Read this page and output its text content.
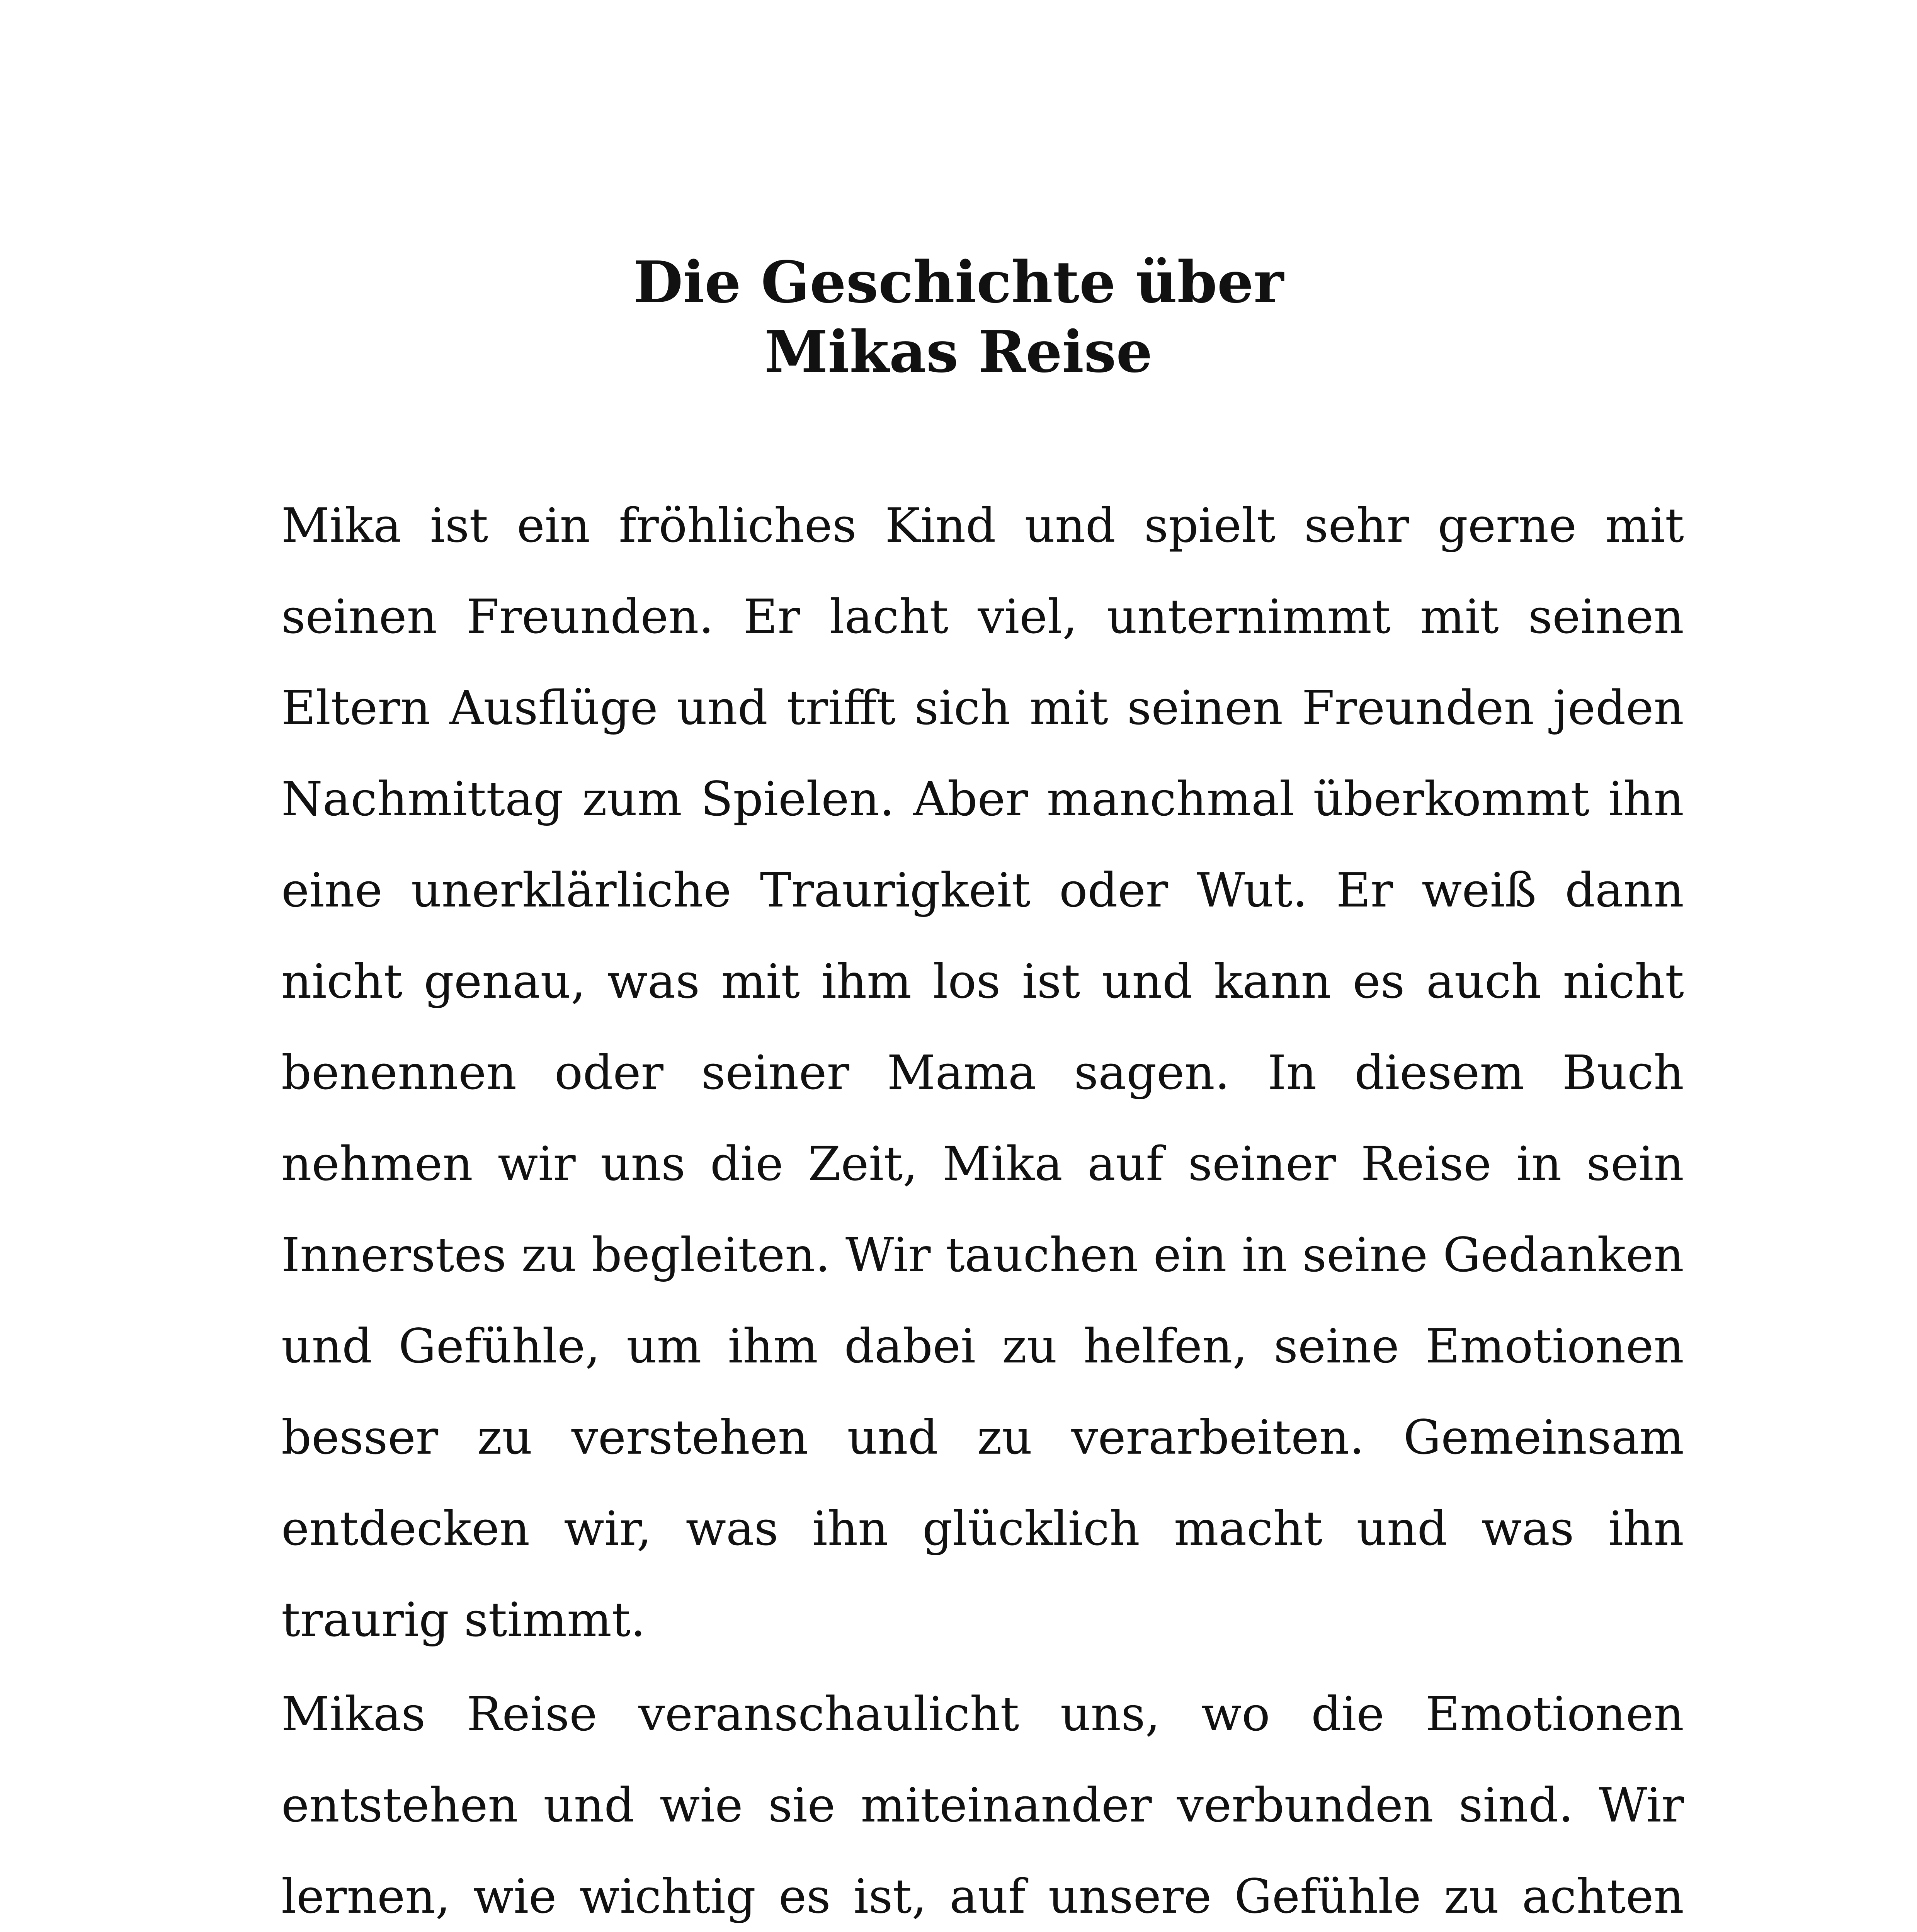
Die Geschichte über
Mikas Reise

Mika ist ein fröhliches Kind und spielt sehr gerne mit seinen Freunden. Er lacht viel, unternimmt mit seinen Eltern Ausflüge und trifft sich mit seinen Freunden jeden Nachmittag zum Spielen. Aber manchmal überkommt ihn eine unerklärliche Traurigkeit oder Wut. Er weiß dann nicht genau, was mit ihm los ist und kann es auch nicht benennen oder seiner Mama sagen. In diesem Buch nehmen wir uns die Zeit, Mika auf seiner Reise in sein Innerstes zu begleiten. Wir tauchen ein in seine Gedanken und Gefühle, um ihm dabei zu helfen, seine Emotionen besser zu verstehen und zu verarbeiten. Gemeinsam entdecken wir, was ihn glücklich macht und was ihn traurig stimmt.

Mikas Reise veranschaulicht uns, wo die Emotionen entstehen und wie sie miteinander verbunden sind. Wir lernen, wie wichtig es ist, auf unsere Gefühle zu achten
